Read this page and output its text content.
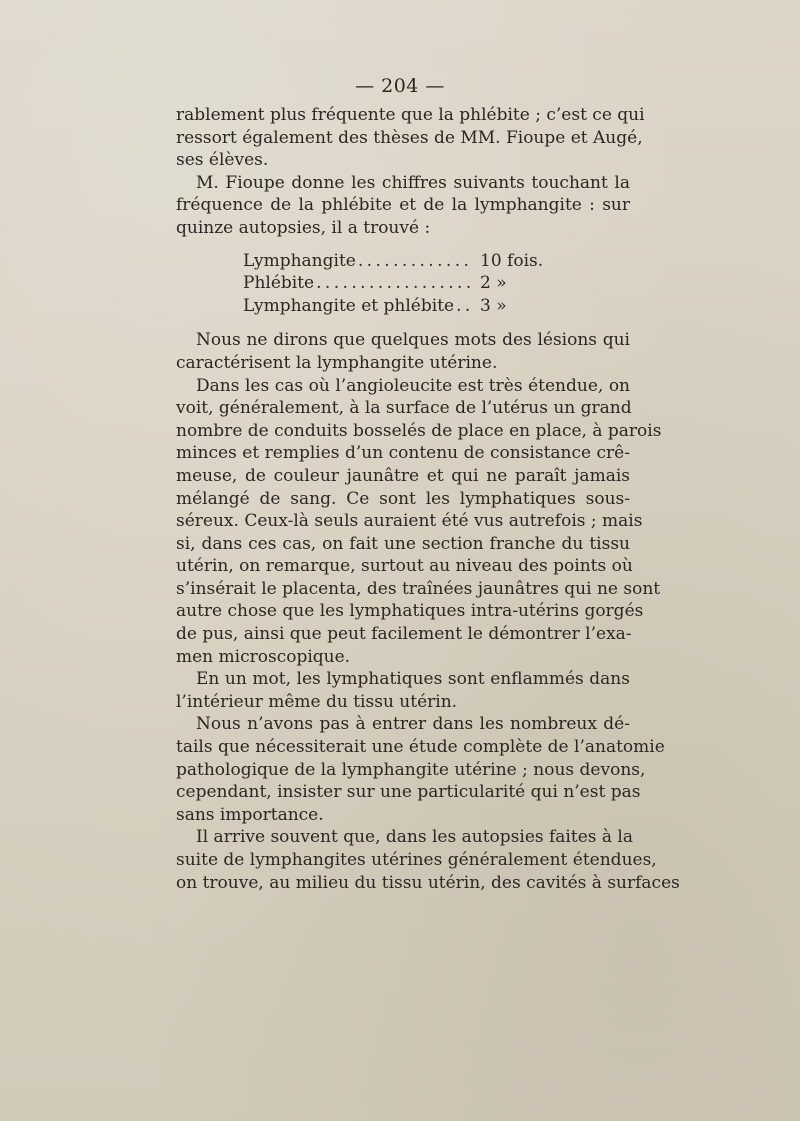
— 204 —
rablement plus fréquente que la phlébite ; c’est ce qui
ressort également des thèses de MM. Fioupe et Augé,
ses élèves.
M. Fioupe donne les chiffres suivants touchant la
fréquence de la phlébite et de la lymphangite : sur
quinze autopsies, il a trouvé :
Lymphangite . . .	10 fois.
Phlébite . . .	2 »
Lymphangite et phlébite . . . 3 »
Nous ne dirons que quelques mots des lésions qui
caractérisent la lymphangite utérine.
Dans les cas où l’angioleucite est très étendue, on
voit, généralement, à la surface de l’utérus un grand
nombre de conduits bosselés de place en place, à parois
minces et remplies d’un contenu de consistance crê-
meuse, de couleur jaunâtre et qui ne paraît jamais
mélangé de sang. Ce sont les lymphatiques sous-
séreux. Ceux-là seuls auraient été vus autrefois ; mais
si, dans ces cas, on fait une section franche du tissu
utérin, on remarque, surtout au niveau des points où
s’insérait le placenta, des traînées jaunâtres qui ne sont
autre chose que les lymphatiques intra-utérins gorgés
de pus, ainsi que peut facilement le démontrer l’exa-
men microscopique.
En un mot, les lymphatiques sont enflammés dans
l’intérieur même du tissu utérin.
Nous n’avons pas à entrer dans les nombreux dé-
tails que nécessiterait une étude complète de l’anatomie
pathologique de la lymphangite utérine ; nous devons,
cependant, insister sur une particularité qui n’est pas
sans importance.
Il arrive souvent que, dans les autopsies faites à la
suite de lymphangites utérines généralement étendues,
on trouve, au milieu du tissu utérin, des cavités à surfaces
